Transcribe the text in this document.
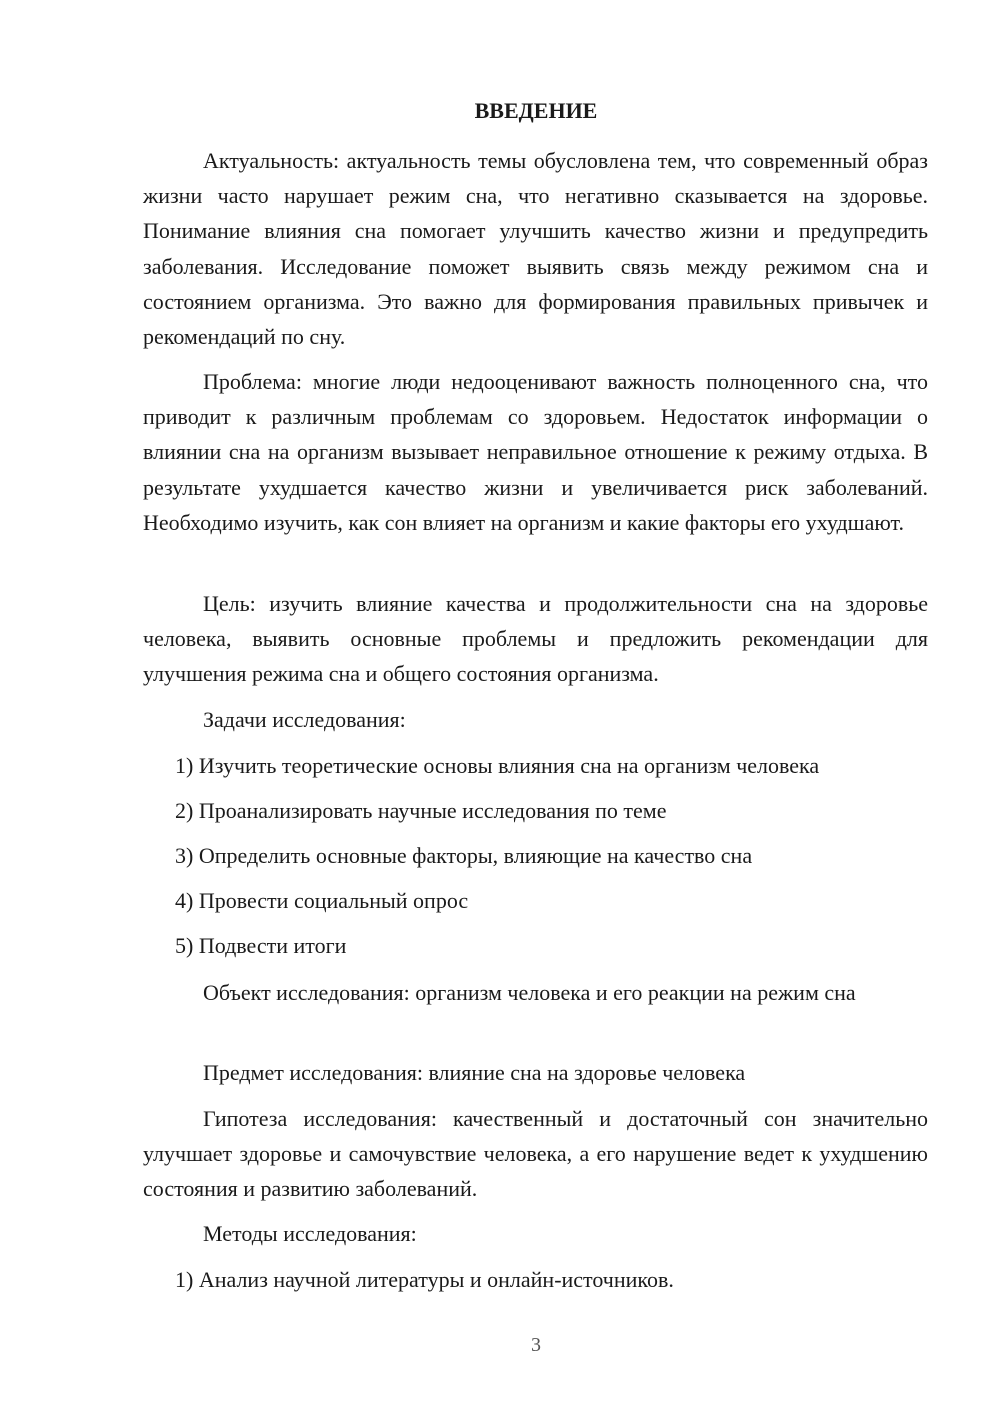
ВВЕДЕНИЕ

Актуальность: актуальность темы обусловлена тем, что современный образ жизни часто нарушает режим сна, что негативно сказывается на здоровье. Понимание влияния сна помогает улучшить качество жизни и предупредить заболевания. Исследование поможет выявить связь между режимом сна и состоянием организма. Это важно для формирования правильных привычек и рекомендаций по сну.

Проблема: многие люди недооценивают важность полноценного сна, что приводит к различным проблемам со здоровьем. Недостаток информации о влиянии сна на организм вызывает неправильное отношение к режиму отдыха. В результате ухудшается качество жизни и увеличивается риск заболеваний. Необходимо изучить, как сон влияет на организм и какие факторы его ухудшают.

Цель: изучить влияние качества и продолжительности сна на здоровье человека, выявить основные проблемы и предложить рекомендации для улучшения режима сна и общего состояния организма.

Задачи исследования:

1) Изучить теоретические основы влияния сна на организм человека

2) Проанализировать научные исследования по теме

3) Определить основные факторы, влияющие на качество сна

4) Провести социальный опрос

5) Подвести итоги

Объект исследования: организм человека и его реакции на режим сна

Предмет исследования: влияние сна на здоровье человека

Гипотеза исследования: качественный и достаточный сон значительно улучшает здоровье и самочувствие человека, а его нарушение ведет к ухудшению состояния и развитию заболеваний.

Методы исследования:

1) Анализ научной литературы и онлайн-источников.

3
